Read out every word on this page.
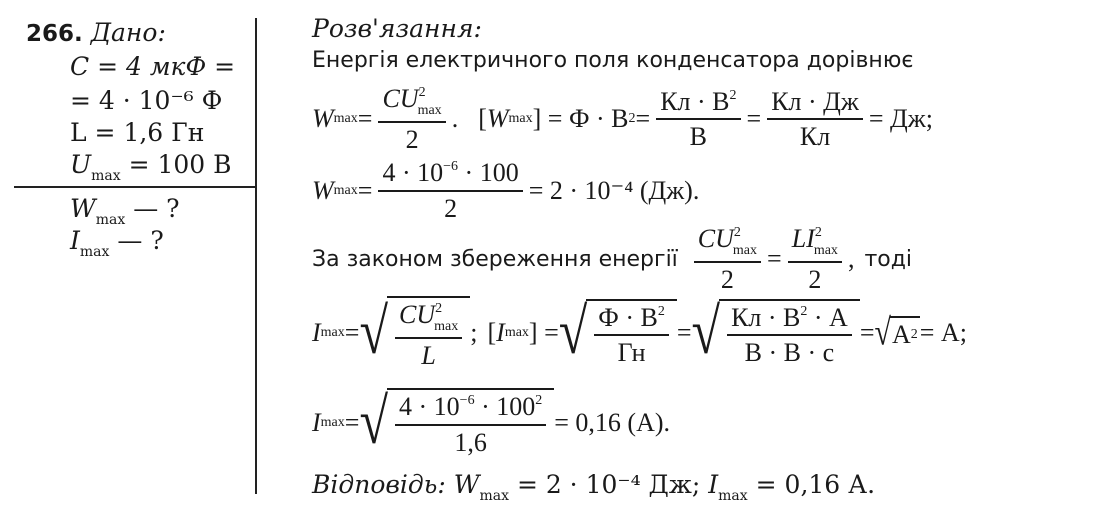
266. Дано:
C = 4 мкФ =
= 4 · 10⁻⁶ Ф
L = 1,6 Гн
$U_{max} = 100$ В
$W_{max}$ — ?
$I_{max}$ — ?
Розв'язання:
Енергія електричного поля конденсатора дорівнює
W $\max = \frac{CU^2_{max}}{2}$ .
[ W max ] = Ф · В $2 = \frac{Кл \cdot В^2}{В} = \frac{Кл \cdot Дж}{Кл}$ = Дж;
W $\max = \frac{4 \cdot 10^{-6} \cdot 100}{2} = 2 \cdot 10^{-4}$ (Дж).
За законом збереження енергії $\frac{CU^2_{max}}{2} = \frac{LI^2_{max}}{2}$ , тоді
I max = √ $\frac{CU^2_{max}}{L}$ ;
[ I max ] = √ $\frac{Ф \cdot В^2}{Гн}$ = √ $\frac{Кл \cdot В^2 \cdot А}{В \cdot В \cdot с}$ = √ А 2 = А;
I max = √ $\frac{4 \cdot 10^{-6} \cdot 100^2}{1,6} = 0,16$ (А).
Відповідь: $W_{max} = 2 \cdot 10^{-4}$ Дж; $I_{max} = 0,16$ А.
